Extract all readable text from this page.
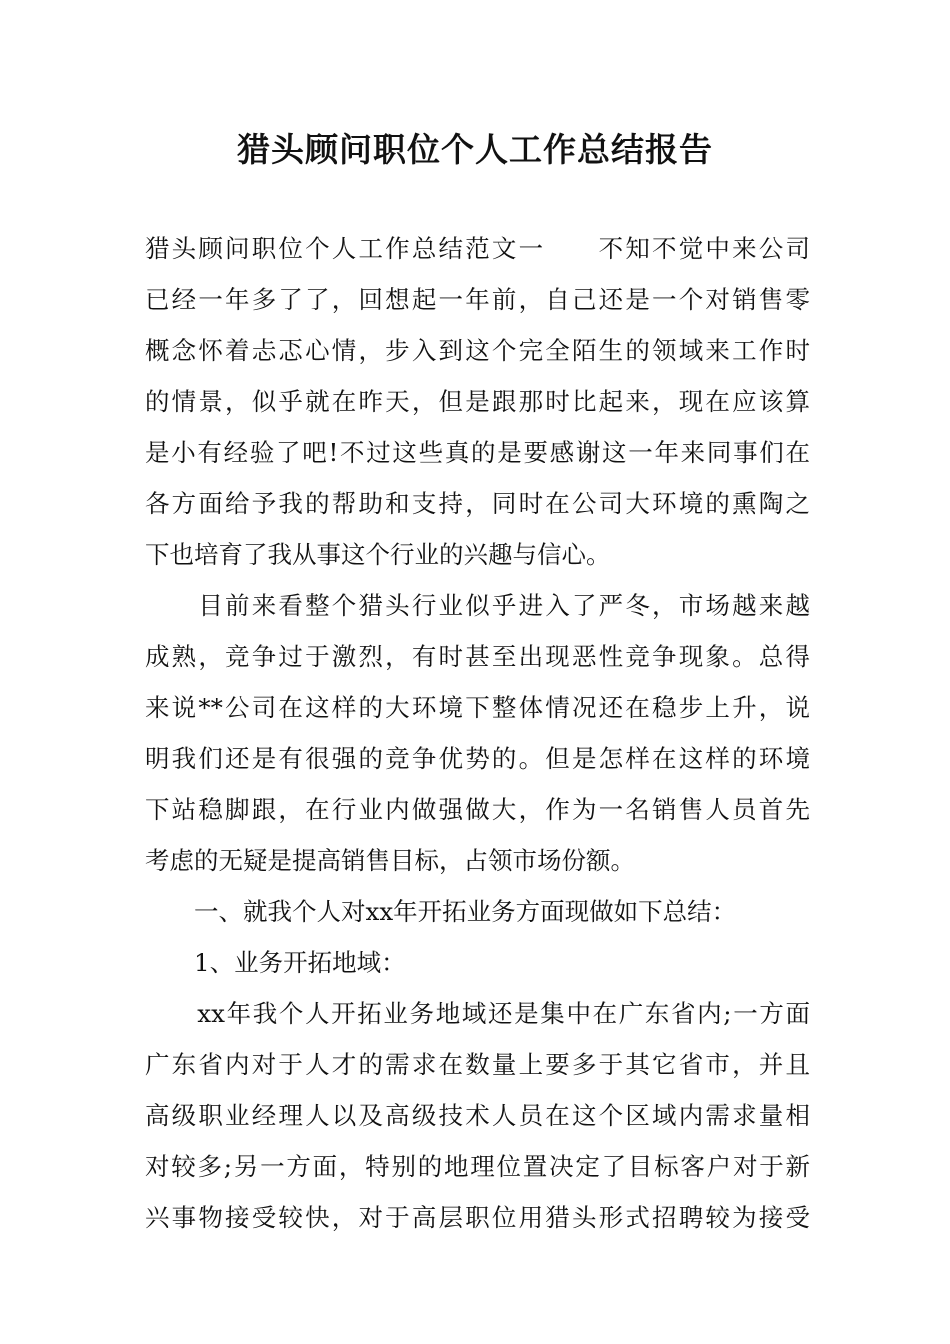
猎头顾问职位个人工作总结报告
猎头顾问职位个人工作总结范文一　　不知不觉中来公司
已经一年多了了，回想起一年前，自己还是一个对销售零
概念怀着忐忑心情，步入到这个完全陌生的领域来工作时
的情景，似乎就在昨天，但是跟那时比起来，现在应该算
是小有经验了吧!不过这些真的是要感谢这一年来同事们在
各方面给予我的帮助和支持，同时在公司大环境的熏陶之
下也培育了我从事这个行业的兴趣与信心。
　　目前来看整个猎头行业似乎进入了严冬，市场越来越
成熟，竞争过于激烈，有时甚至出现恶性竞争现象。总得
来说**公司在这样的大环境下整体情况还在稳步上升，说
明我们还是有很强的竞争优势的。但是怎样在这样的环境
下站稳脚跟，在行业内做强做大，作为一名销售人员首先
考虑的无疑是提高销售目标，占领市场份额。
　　一、就我个人对xx年开拓业务方面现做如下总结：
　　1、业务开拓地域：
　　xx年我个人开拓业务地域还是集中在广东省内;一方面
广东省内对于人才的需求在数量上要多于其它省市，并且
高级职业经理人以及高级技术人员在这个区域内需求量相
对较多;另一方面，特别的地理位置决定了目标客户对于新
兴事物接受较快，对于高层职位用猎头形式招聘较为接受
